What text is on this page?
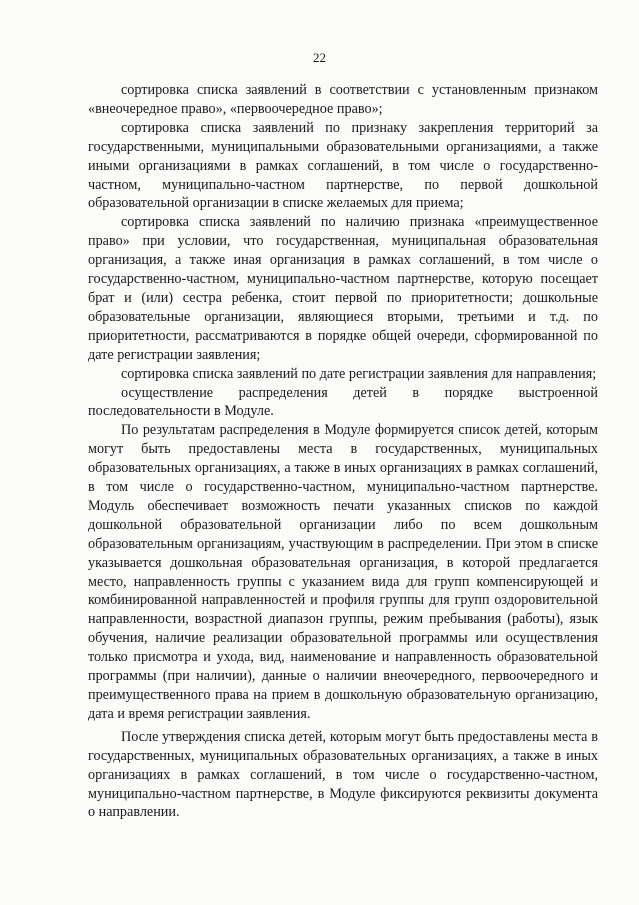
22

сортировка списка заявлений в соответствии с установленным признаком «внеочередное право», «первоочередное право»;

сортировка списка заявлений по признаку закрепления территорий за государственными, муниципальными образовательными организациями, а также иными организациями в рамках соглашений, в том числе о государственно-частном, муниципально-частном партнерстве, по первой дошкольной образовательной организации в списке желаемых для приема;

сортировка списка заявлений по наличию признака «преимущественное право» при условии, что государственная, муниципальная образовательная организация, а также иная организация в рамках соглашений, в том числе о государственно-частном, муниципально-частном партнерстве, которую посещает брат и (или) сестра ребенка, стоит первой по приоритетности; дошкольные образовательные организации, являющиеся вторыми, третьими и т.д. по приоритетности, рассматриваются в порядке общей очереди, сформированной по дате регистрации заявления;

сортировка списка заявлений по дате регистрации заявления для направления;

осуществление распределения детей в порядке выстроенной последовательности в Модуле.

По результатам распределения в Модуле формируется список детей, которым могут быть предоставлены места в государственных, муниципальных образовательных организациях, а также в иных организациях в рамках соглашений, в том числе о государственно-частном, муниципально-частном партнерстве. Модуль обеспечивает возможность печати указанных списков по каждой дошкольной образовательной организации либо по всем дошкольным образовательным организациям, участвующим в распределении. При этом в списке указывается дошкольная образовательная организация, в которой предлагается место, направленность группы с указанием вида для групп компенсирующей и комбинированной направленностей и профиля группы для групп оздоровительной направленности, возрастной диапазон группы, режим пребывания (работы), язык обучения, наличие реализации образовательной программы или осуществления только присмотра и ухода, вид, наименование и направленность образовательной программы (при наличии), данные о наличии внеочередного, первоочередного и преимущественного права на прием в дошкольную образовательную организацию, дата и время регистрации заявления.

После утверждения списка детей, которым могут быть предоставлены места в государственных, муниципальных образовательных организациях, а также в иных организациях в рамках соглашений, в том числе о государственно-частном, муниципально-частном партнерстве, в Модуле фиксируются реквизиты документа о направлении.
